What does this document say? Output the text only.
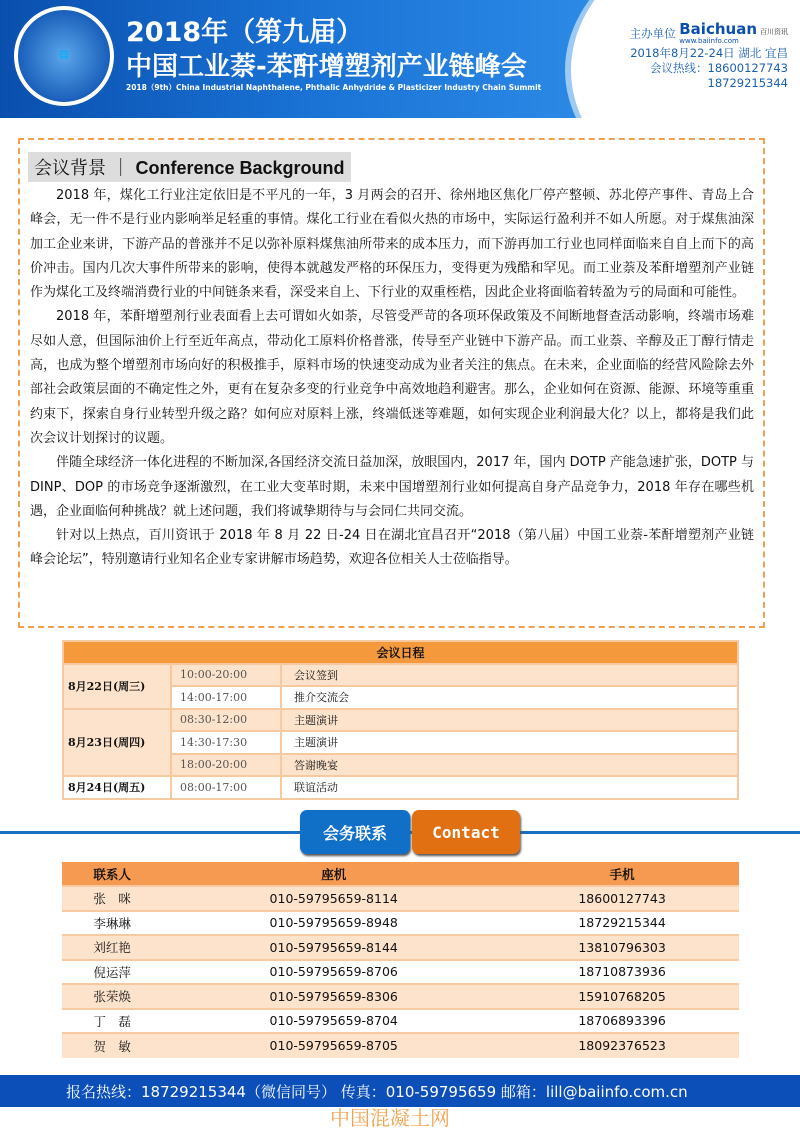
🌐
2018年（第九届）
中国工业萘-苯酐增塑剂产业链峰会
2018（9th）China Industrial Naphthalene, Phthalic Anhydride & Plasticizer Industry Chain Summit
主办单位 Baichuan 百川资讯
www.baiinfo.com
2018年8月22-24日 湖北 宜昌
会议热线：18600127743
18729215344
会议背景 ｜ Conference Background

2018 年，煤化工行业注定依旧是不平凡的一年，3 月两会的召开、徐州地区焦化厂停产整顿、苏北停产事件、青岛上合峰会，无一件不是行业内影响举足轻重的事情。煤化工行业在看似火热的市场中，实际运行盈利并不如人所愿。对于煤焦油深加工企业来讲，下游产品的普涨并不足以弥补原料煤焦油所带来的成本压力，而下游再加工行业也同样面临来自自上而下的高价冲击。国内几次大事件所带来的影响，使得本就越发严格的环保压力，变得更为残酷和罕见。而工业萘及苯酐增塑剂产业链作为煤化工及终端消费行业的中间链条来看，深受来自上、下行业的双重桎梏，因此企业将面临着转盈为亏的局面和可能性。

2018 年，苯酐增塑剂行业表面看上去可谓如火如荼，尽管受严苛的各项环保政策及不间断地督查活动影响，终端市场难尽如人意，但国际油价上行至近年高点，带动化工原料价格普涨，传导至产业链中下游产品。而工业萘、辛醇及正丁醇行情走高，也成为整个增塑剂市场向好的积极推手，原料市场的快速变动成为业者关注的焦点。在未来，企业面临的经营风险除去外部社会政策层面的不确定性之外，更有在复杂多变的行业竞争中高效地趋利避害。那么，企业如何在资源、能源、环境等重重约束下，探索自身行业转型升级之路？如何应对原料上涨，终端低迷等难题，如何实现企业利润最大化？以上，都将是我们此次会议计划探讨的议题。

伴随全球经济一体化进程的不断加深,各国经济交流日益加深，放眼国内，2017 年，国内 DOTP 产能急速扩张，DOTP 与 DINP、DOP 的市场竞争逐渐激烈，在工业大变革时期，未来中国增塑剂行业如何提高自身产品竞争力，2018 年存在哪些机遇，企业面临何种挑战？就上述问题，我们将诚挚期待与与会同仁共同交流。

针对以上热点，百川资讯于 2018 年 8 月 22 日-24 日在湖北宜昌召开“2018（第八届）中国工业萘-苯酐增塑剂产业链峰会论坛”，特别邀请行业知名企业专家讲解市场趋势，欢迎各位相关人士莅临指导。

会议日程		
8月22日(周三)	10:00-20:00	会议签到
	14:00-17:00	推介交流会
8月23日(周四)	08:30-12:00	主题演讲
	14:30-17:30	主题演讲
	18:00-20:00	答谢晚宴
8月24日(周五)	08:00-17:00	联谊活动
会务联系	Contact
联系人	座机	手机
张　咪	010-59795659-8114	18600127743
李琳琳	010-59795659-8948	18729215344
刘红艳	010-59795659-8144	13810796303
倪运萍	010-59795659-8706	18710873936
张荣焕	010-59795659-8306	15910768205
丁　磊	010-59795659-8704	18706893396
贺　敏	010-59795659-8705	18092376523
报名热线：18729215344（微信同号） 传真：010-59795659 邮箱：lill@baiinfo.com.cn
中国混凝土网
